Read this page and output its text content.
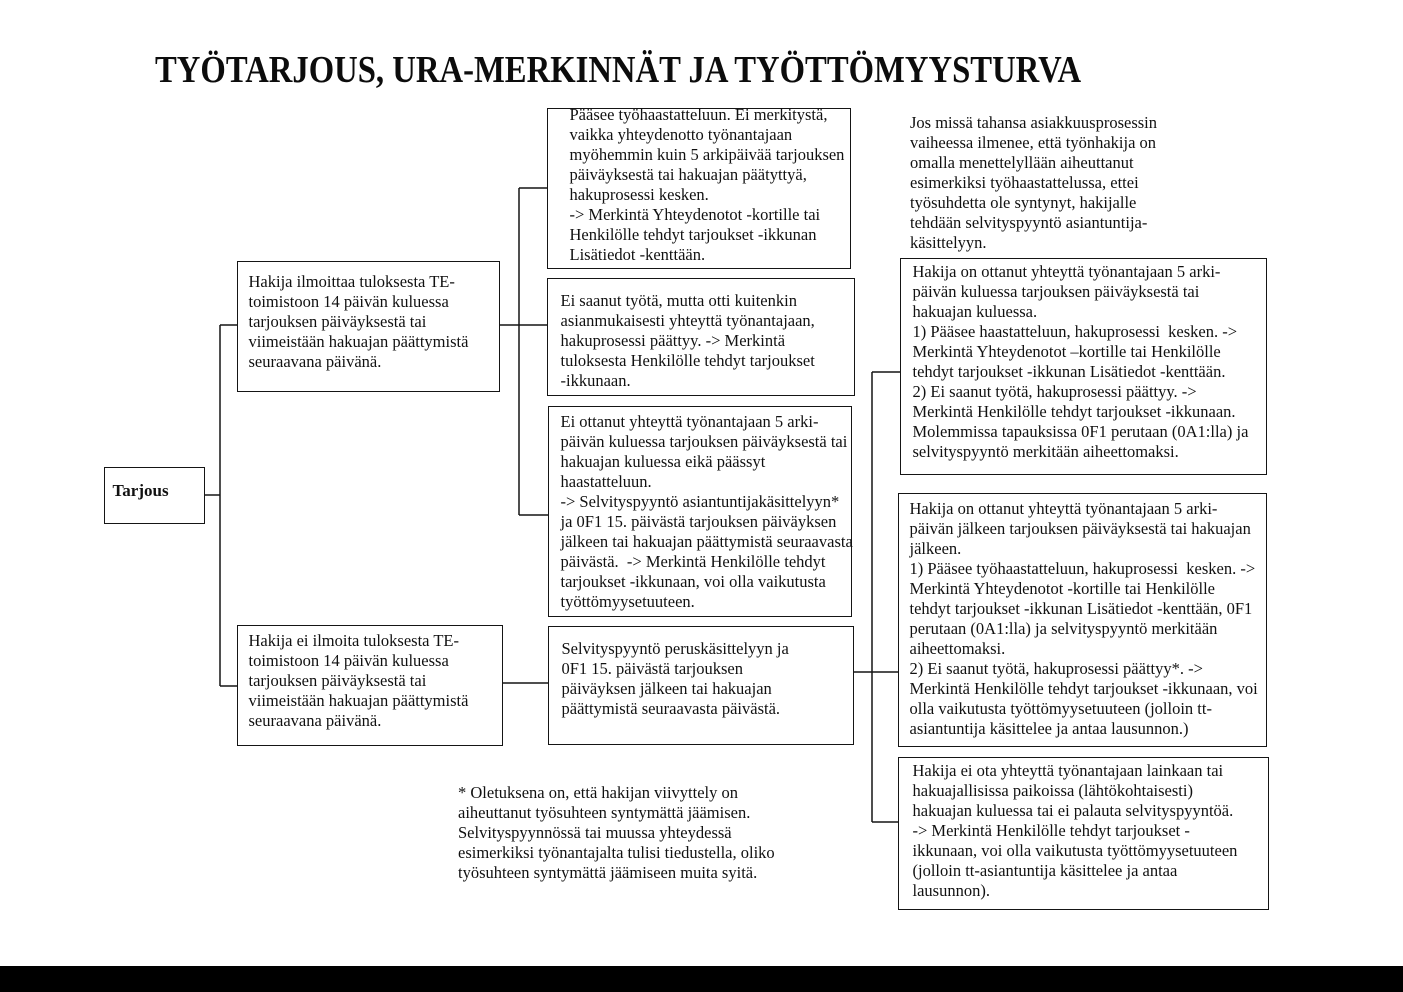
TYÖTARJOUS, URA-MERKINNÄT JA TYÖTTÖMYYSTURVA
Tarjous
Hakija ilmoittaa tuloksesta TE-
toimistoon 14 päivän kuluessa
tarjouksen päiväyksestä tai
viimeistään hakuajan päättymistä
seuraavana päivänä.
Hakija ei ilmoita tuloksesta TE-
toimistoon 14 päivän kuluessa
tarjouksen päiväyksestä tai
viimeistään hakuajan päättymistä
seuraavana päivänä.
Pääsee työhaastatteluun. Ei merkitystä,
vaikka yhteydenotto työnantajaan
myöhemmin kuin 5 arkipäivää tarjouksen
päiväyksestä tai hakuajan päätyttyä,
hakuprosessi kesken.
-> Merkintä Yhteydenotot -kortille tai
Henkilölle tehdyt tarjoukset -ikkunan
Lisätiedot -kenttään.
Ei saanut työtä, mutta otti kuitenkin
asianmukaisesti yhteyttä työnantajaan,
hakuprosessi päättyy. -> Merkintä
tuloksesta Henkilölle tehdyt tarjoukset
-ikkunaan.
Ei ottanut yhteyttä työnantajaan 5 arki-
päivän kuluessa tarjouksen päiväyksestä tai
hakuajan kuluessa eikä päässyt
haastatteluun.
-> Selvityspyyntö asiantuntijakäsittelyyn*
ja 0F1 15. päivästä tarjouksen päiväyksen
jälkeen tai hakuajan päättymistä seuraavasta
päivästä.  -> Merkintä Henkilölle tehdyt
tarjoukset -ikkunaan, voi olla vaikutusta
työttömyysetuuteen.
Selvityspyyntö peruskäsittelyyn ja
0F1 15. päivästä tarjouksen
päiväyksen jälkeen tai hakuajan
päättymistä seuraavasta päivästä.
Jos missä tahansa asiakkuusprosessin
vaiheessa ilmenee, että työnhakija on
omalla menettelyllään aiheuttanut
esimerkiksi työhaastattelussa, ettei
työsuhdetta ole syntynyt, hakijalle
tehdään selvityspyyntö asiantuntija-
käsittelyyn.
Hakija on ottanut yhteyttä työnantajaan 5 arki-
päivän kuluessa tarjouksen päiväyksestä tai
hakuajan kuluessa.
1) Pääsee haastatteluun, hakuprosessi  kesken. ->
Merkintä Yhteydenotot –kortille tai Henkilölle
tehdyt tarjoukset -ikkunan Lisätiedot -kenttään.
2) Ei saanut työtä, hakuprosessi päättyy. ->
Merkintä Henkilölle tehdyt tarjoukset -ikkunaan.
Molemmissa tapauksissa 0F1 perutaan (0A1:lla) ja
selvityspyyntö merkitään aiheettomaksi.
Hakija on ottanut yhteyttä työnantajaan 5 arki-
päivän jälkeen tarjouksen päiväyksestä tai hakuajan
jälkeen.
1) Pääsee työhaastatteluun, hakuprosessi  kesken. ->
Merkintä Yhteydenotot -kortille tai Henkilölle
tehdyt tarjoukset -ikkunan Lisätiedot -kenttään, 0F1
perutaan (0A1:lla) ja selvityspyyntö merkitään
aiheettomaksi.
2) Ei saanut työtä, hakuprosessi päättyy*. ->
Merkintä Henkilölle tehdyt tarjoukset -ikkunaan, voi
olla vaikutusta työttömyysetuuteen (jolloin tt-
asiantuntija käsittelee ja antaa lausunnon.)
Hakija ei ota yhteyttä työnantajaan lainkaan tai
hakuajallisissa paikoissa (lähtökohtaisesti)
hakuajan kuluessa tai ei palauta selvityspyyntöä.
-> Merkintä Henkilölle tehdyt tarjoukset -
ikkunaan, voi olla vaikutusta työttömyysetuuteen
(jolloin tt-asiantuntija käsittelee ja antaa
lausunnon).
* Oletuksena on, että hakijan viivyttely on
aiheuttanut työsuhteen syntymättä jäämisen.
Selvityspyynnössä tai muussa yhteydessä
esimerkiksi työnantajalta tulisi tiedustella, oliko
työsuhteen syntymättä jäämiseen muita syitä.
